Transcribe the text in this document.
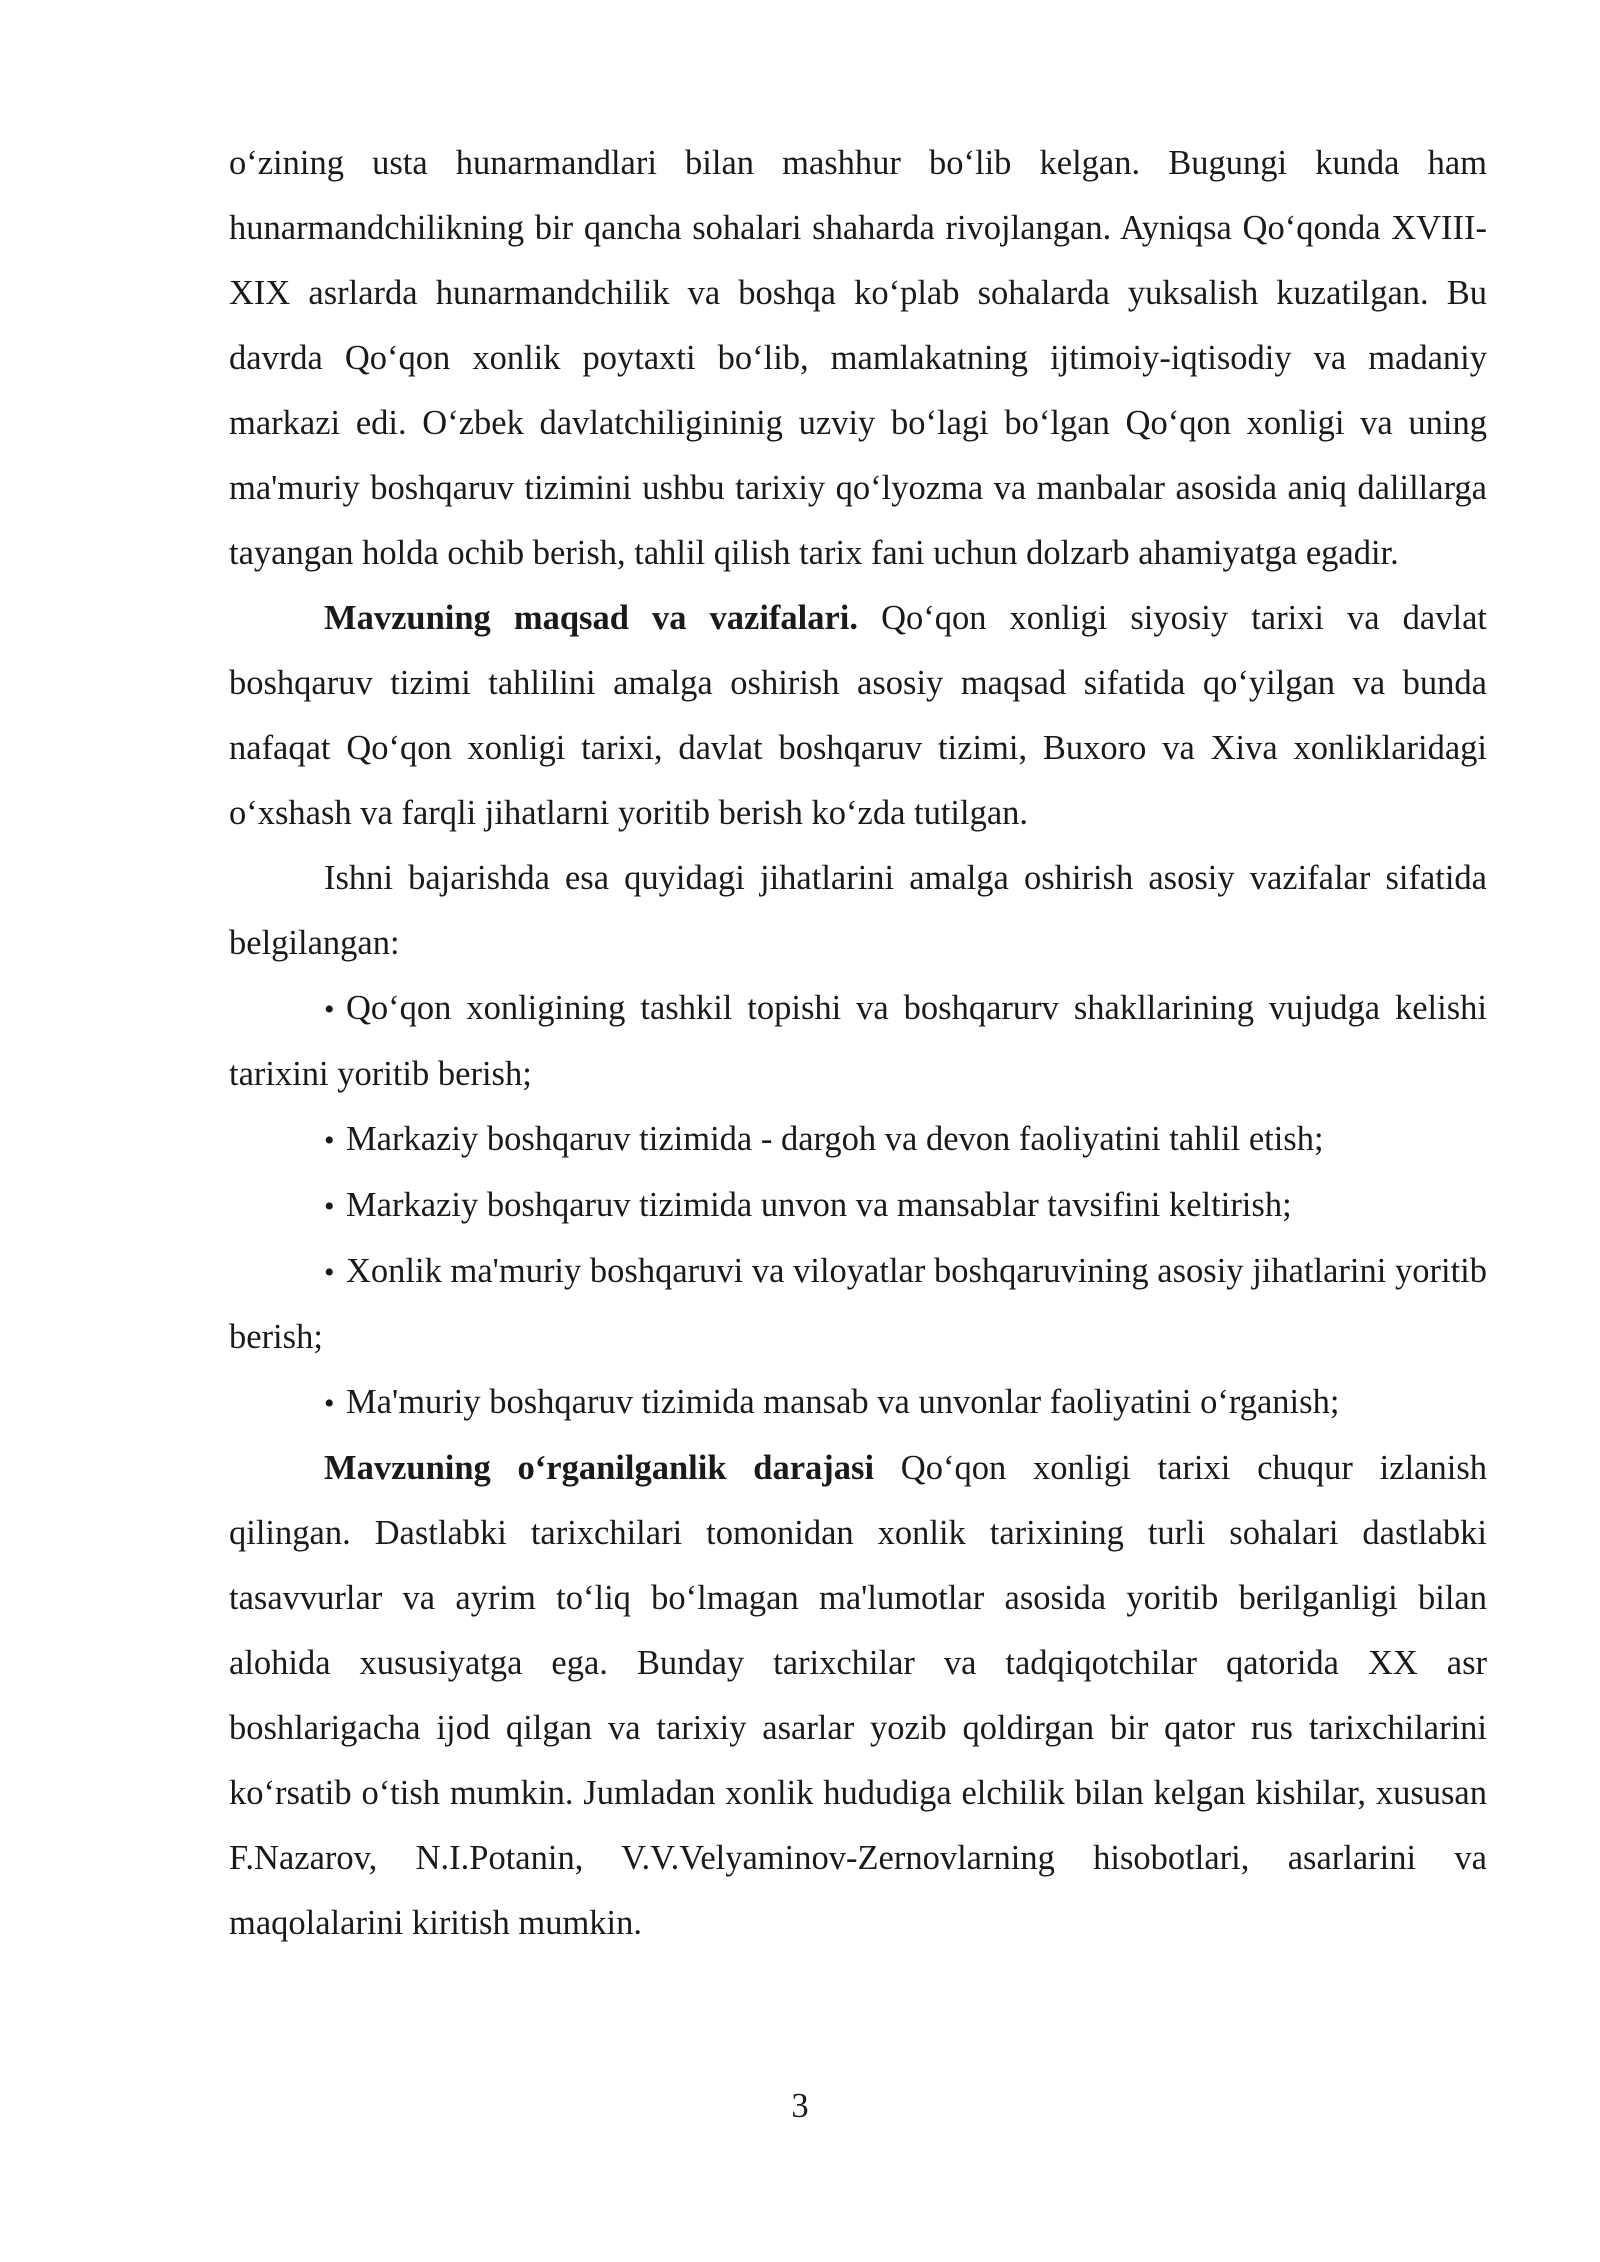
o‘zining usta hunarmandlari bilan mashhur bo‘lib kelgan. Bugungi kunda ham hunarmandchilikning bir qancha sohalari shaharda rivojlangan. Ayniqsa Qo‘qonda XVIII-XIX asrlarda hunarmandchilik va boshqa ko‘plab sohalarda yuksalish kuzatilgan. Bu davrda Qo‘qon xonlik poytaxti bo‘lib, mamlakatning ijtimoiy-iqtisodiy va madaniy markazi edi. O‘zbek davlatchiligininig uzviy bo‘lagi bo‘lgan Qo‘qon xonligi va uning ma'muriy boshqaruv tizimini ushbu tarixiy qo‘lyozma va manbalar asosida aniq dalillarga tayangan holda ochib berish, tahlil qilish tarix fani uchun dolzarb ahamiyatga egadir.

Mavzuning maqsad va vazifalari. Qo‘qon xonligi siyosiy tarixi va davlat boshqaruv tizimi tahlilini amalga oshirish asosiy maqsad sifatida qo‘yilgan va bunda nafaqat Qo‘qon xonligi tarixi, davlat boshqaruv tizimi, Buxoro va Xiva xonliklaridagi o‘xshash va farqli jihatlarni yoritib berish ko‘zda tutilgan.

Ishni bajarishda esa quyidagi jihatlarini amalga oshirish asosiy vazifalar sifatida belgilangan:

• Qo‘qon xonligining tashkil topishi va boshqarurv shakllarining vujudga kelishi tarixini yoritib berish;

• Markaziy boshqaruv tizimida - dargoh va devon faoliyatini tahlil etish;

• Markaziy boshqaruv tizimida unvon va mansablar tavsifini keltirish;

• Xonlik ma'muriy boshqaruvi va viloyatlar boshqaruvining asosiy jihatlarini yoritib berish;

• Ma'muriy boshqaruv tizimida mansab va unvonlar faoliyatini o‘rganish;

Mavzuning o‘rganilganlik darajasi Qo‘qon xonligi tarixi chuqur izlanish qilingan. Dastlabki tarixchilari tomonidan xonlik tarixining turli sohalari dastlabki tasavvurlar va ayrim to‘liq bo‘lmagan ma'lumotlar asosida yoritib berilganligi bilan alohida xususiyatga ega. Bunday tarixchilar va tadqiqotchilar qatorida XX asr boshlarigacha ijod qilgan va tarixiy asarlar yozib qoldirgan bir qator rus tarixchilarini ko‘rsatib o‘tish mumkin. Jumladan xonlik hududiga elchilik bilan kelgan kishilar, xususan F.Nazarov, N.I.Potanin, V.V.Velyaminov-Zernovlarning hisobotlari, asarlarini va maqolalarini kiritish mumkin.

3
